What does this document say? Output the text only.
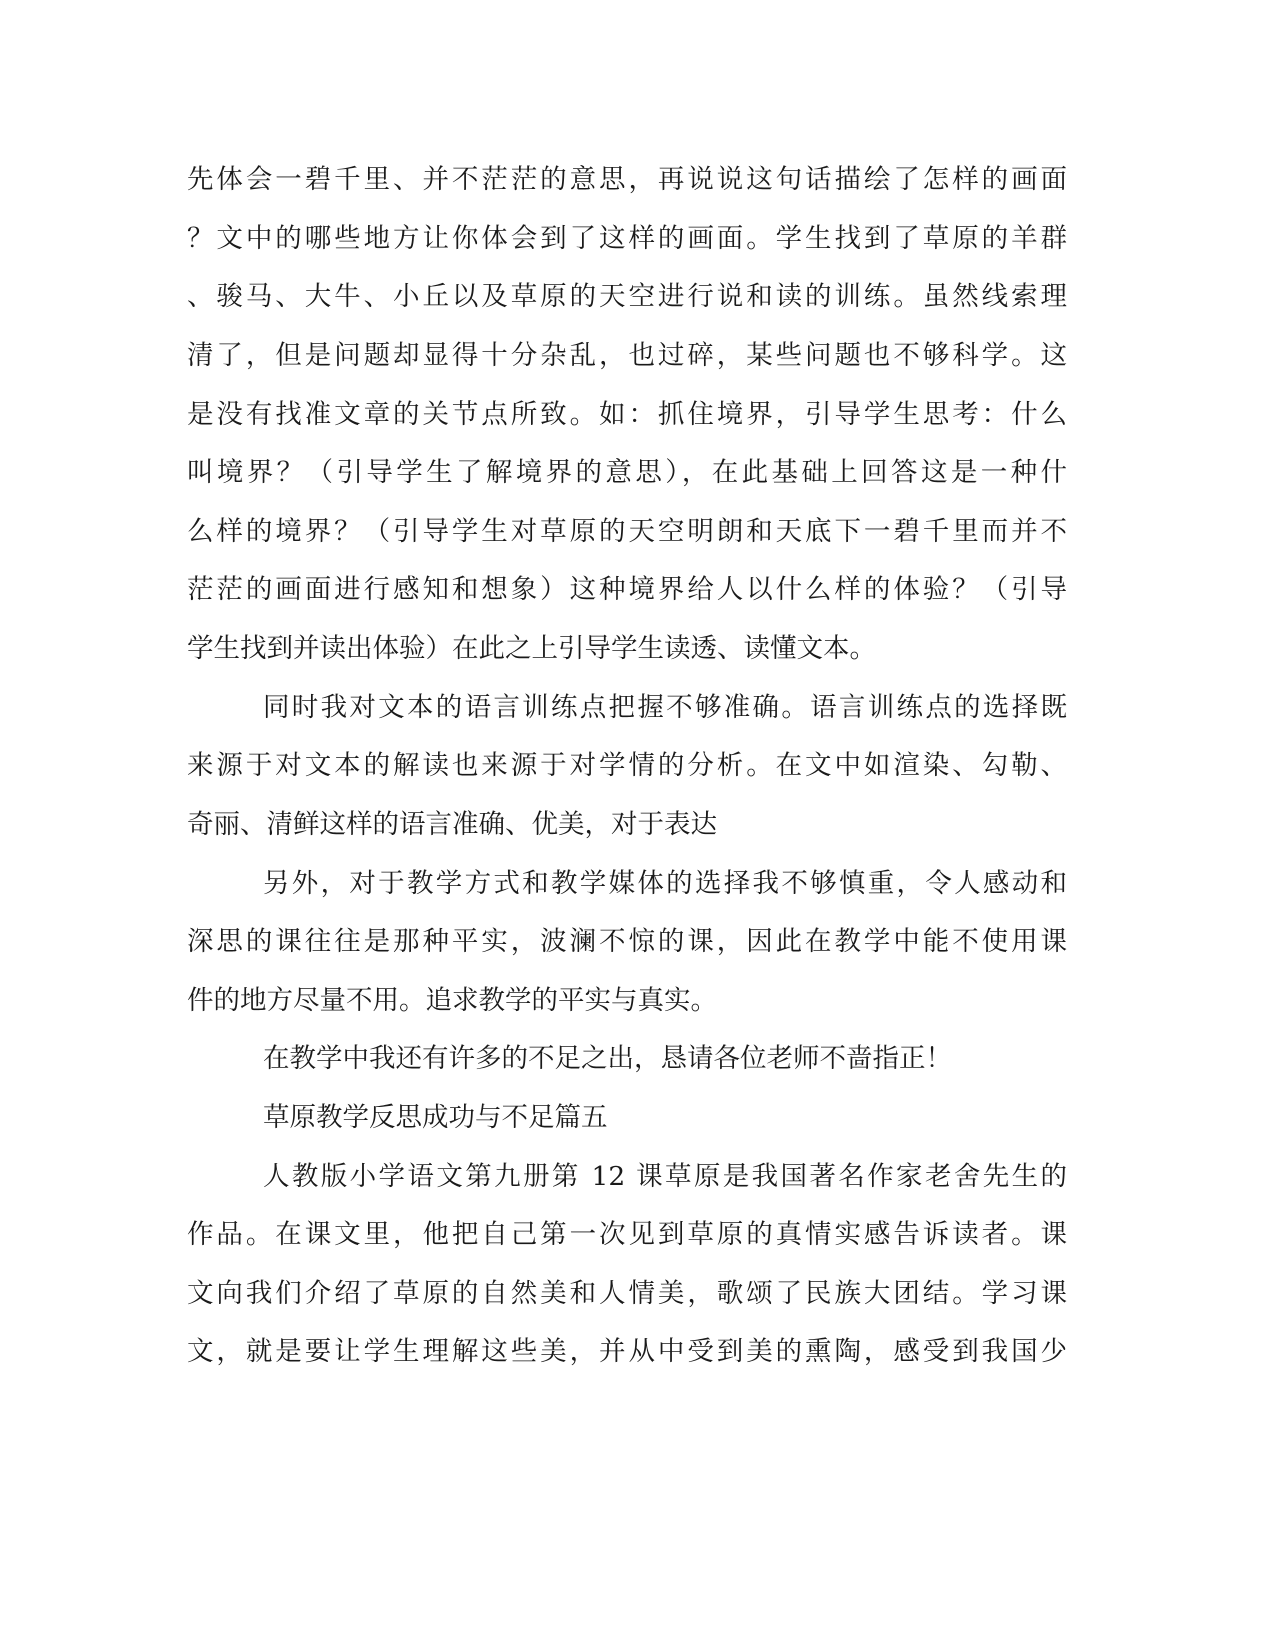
先体会一碧千里、并不茫茫的意思，再说说这句话描绘了怎样的画面
？文中的哪些地方让你体会到了这样的画面。学生找到了草原的羊群
、骏马、大牛、小丘以及草原的天空进行说和读的训练。虽然线索理
清了，但是问题却显得十分杂乱，也过碎，某些问题也不够科学。这
是没有找准文章的关节点所致。如：抓住境界，引导学生思考：什么
叫境界？（引导学生了解境界的意思），在此基础上回答这是一种什
么样的境界？（引导学生对草原的天空明朗和天底下一碧千里而并不
茫茫的画面进行感知和想象）这种境界给人以什么样的体验？（引导
学生找到并读出体验）在此之上引导学生读透、读懂文本。
同时我对文本的语言训练点把握不够准确。语言训练点的选择既
来源于对文本的解读也来源于对学情的分析。在文中如渲染、勾勒、
奇丽、清鲜这样的语言准确、优美，对于表达
另外，对于教学方式和教学媒体的选择我不够慎重，令人感动和
深思的课往往是那种平实，波澜不惊的课，因此在教学中能不使用课
件的地方尽量不用。追求教学的平实与真实。
在教学中我还有许多的不足之出，恳请各位老师不啬指正！
草原教学反思成功与不足篇五
人教版小学语文第九册第 12 课草原是我国著名作家老舍先生的
作品。在课文里，他把自己第一次见到草原的真情实感告诉读者。课
文向我们介绍了草原的自然美和人情美，歌颂了民族大团结。学习课
文，就是要让学生理解这些美，并从中受到美的熏陶，感受到我国少
